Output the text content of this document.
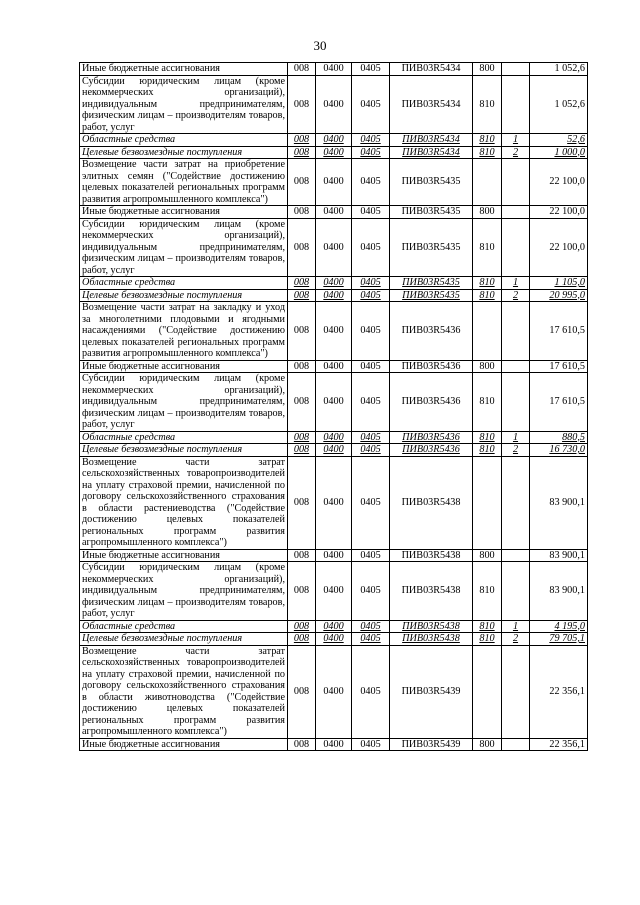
30
Иные бюджетные ассигнования	008	0400	0405	ПИВ03R5434	800		1 052,6
Субсидии юридическим лицам (кроме некоммерческих организаций), индивидуальным предпринимателям, физическим лицам – производителям товаров, работ, услуг	008	0400	0405	ПИВ03R5434	810		1 052,6
Областные средства	008	0400	0405	ПИВ03R5434	810	1	52,6
Целевые безвозмездные поступления	008	0400	0405	ПИВ03R5434	810	2	1 000,0
Возмещение части затрат на приобретение элитных семян ("Содействие достижению целевых показателей региональных программ развития агропромышленного комплекса")	008	0400	0405	ПИВ03R5435			22 100,0
Иные бюджетные ассигнования	008	0400	0405	ПИВ03R5435	800		22 100,0
Субсидии юридическим лицам (кроме некоммерческих организаций), индивидуальным предпринимателям, физическим лицам – производителям товаров, работ, услуг	008	0400	0405	ПИВ03R5435	810		22 100,0
Областные средства	008	0400	0405	ПИВ03R5435	810	1	1 105,0
Целевые безвозмездные поступления	008	0400	0405	ПИВ03R5435	810	2	20 995,0
Возмещение части затрат на закладку и уход за многолетними плодовыми и ягодными насаждениями ("Содействие достижению целевых показателей региональных программ развития агропромышленного комплекса")	008	0400	0405	ПИВ03R5436			17 610,5
Иные бюджетные ассигнования	008	0400	0405	ПИВ03R5436	800		17 610,5
Субсидии юридическим лицам (кроме некоммерческих организаций), индивидуальным предпринимателям, физическим лицам – производителям товаров, работ, услуг	008	0400	0405	ПИВ03R5436	810		17 610,5
Областные средства	008	0400	0405	ПИВ03R5436	810	1	880,5
Целевые безвозмездные поступления	008	0400	0405	ПИВ03R5436	810	2	16 730,0
Возмещение части затрат сельскохозяйственных товаропроизводителей на уплату страховой премии, начисленной по договору сельскохозяйственного страхования в области растениеводства ("Содействие достижению целевых показателей региональных программ развития агропромышленного комплекса")	008	0400	0405	ПИВ03R5438			83 900,1
Иные бюджетные ассигнования	008	0400	0405	ПИВ03R5438	800		83 900,1
Субсидии юридическим лицам (кроме некоммерческих организаций), индивидуальным предпринимателям, физическим лицам – производителям товаров, работ, услуг	008	0400	0405	ПИВ03R5438	810		83 900,1
Областные средства	008	0400	0405	ПИВ03R5438	810	1	4 195,0
Целевые безвозмездные поступления	008	0400	0405	ПИВ03R5438	810	2	79 705,1
Возмещение части затрат сельскохозяйственных товаропроизводителей на уплату страховой премии, начисленной по договору сельскохозяйственного страхования в области животноводства ("Содействие достижению целевых показателей региональных программ развития агропромышленного комплекса")	008	0400	0405	ПИВ03R5439			22 356,1
Иные бюджетные ассигнования	008	0400	0405	ПИВ03R5439	800		22 356,1
